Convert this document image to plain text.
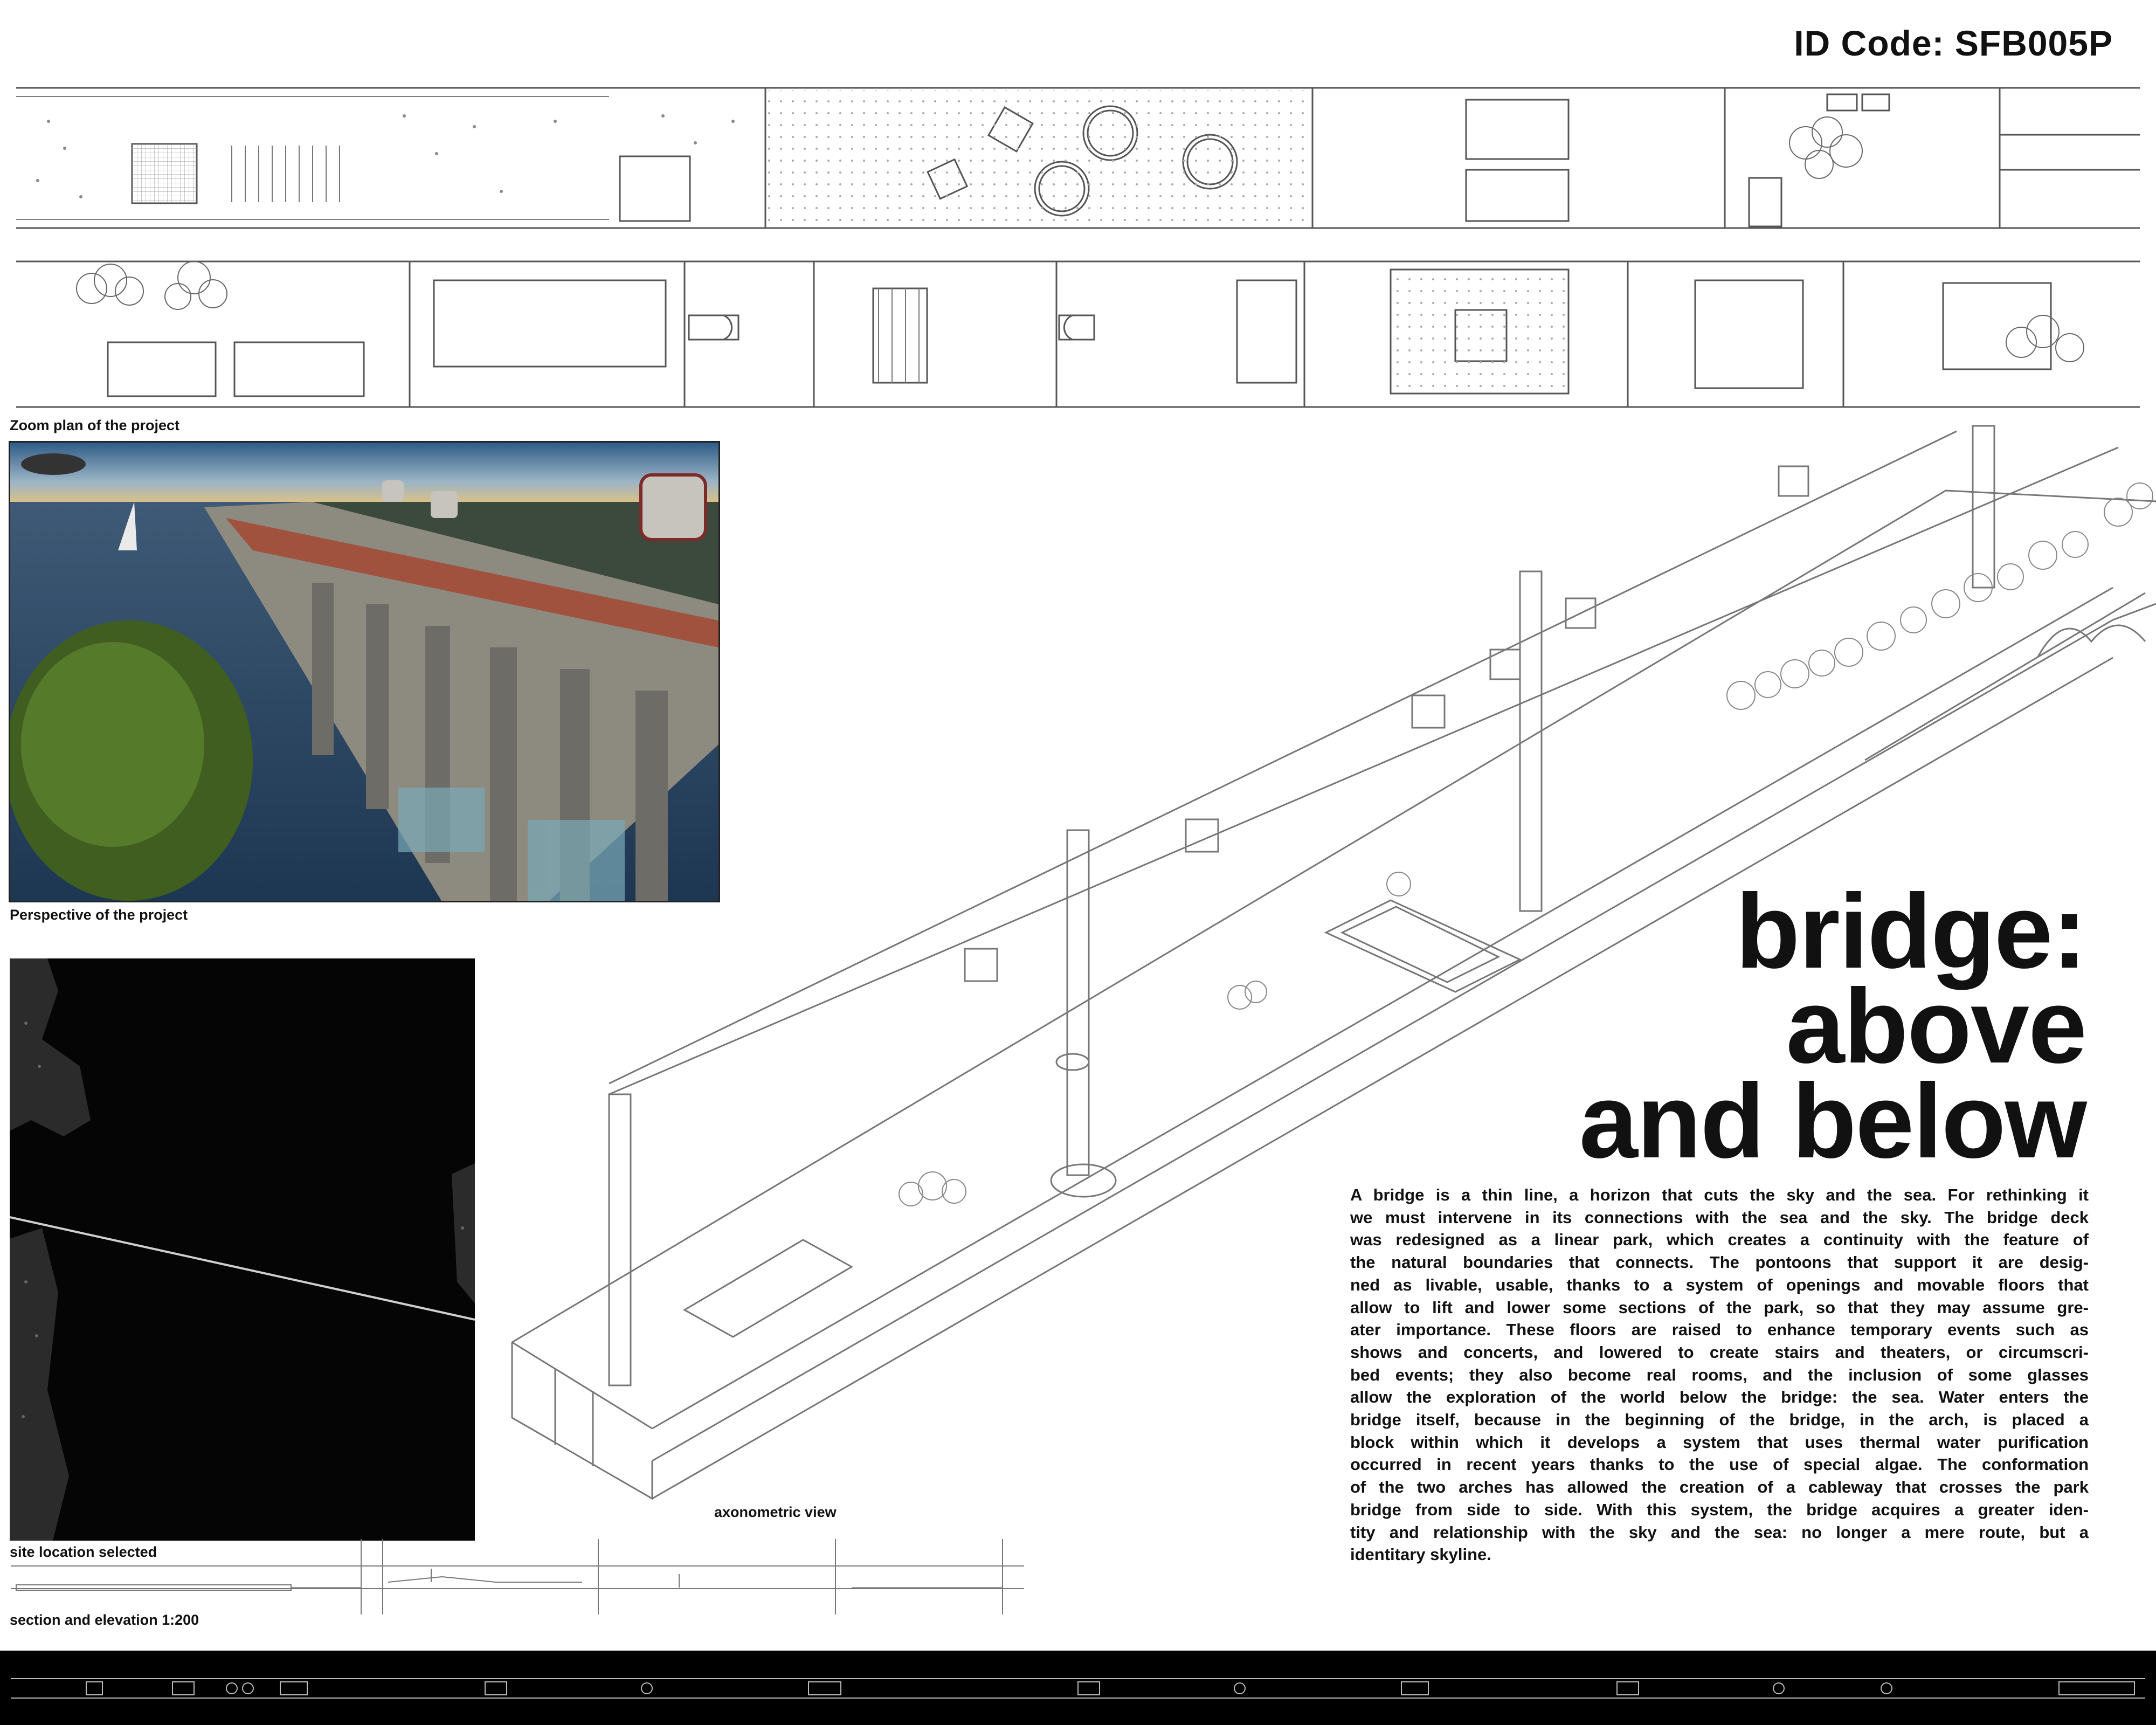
ID Code: SFB005P
Zoom plan of the project
Perspective of the project
site location selected
section and elevation 1:200
axonometric view
bridge:
above
and below
A bridge is a thin line, a horizon that cuts the sky and the sea. For rethinking it
we must intervene in its connections with the sea and the sky. The bridge deck
was redesigned as a linear park, which creates a continuity with the feature of
the natural boundaries that connects. The pontoons that support it are desig-
ned as livable, usable, thanks to a system of openings and movable floors that
allow to lift and lower some sections of the park, so that they may assume gre-
ater importance. These floors are raised to enhance temporary events such as
shows and concerts, and lowered to create stairs and theaters, or circumscri-
bed events; they also become real rooms, and the inclusion of some glasses
allow the exploration of the world below the bridge: the sea. Water enters the
bridge itself, because in the beginning of the bridge, in the arch, is placed a
block within which it develops a system that uses thermal water purification
occurred in recent years thanks to the use of special algae. The conformation
of the two arches has allowed the creation of a cableway that crosses the park
bridge from side to side. With this system, the bridge acquires a greater iden-
tity and relationship with the sky and the sea: no longer a mere route, but a
identitary skyline.
